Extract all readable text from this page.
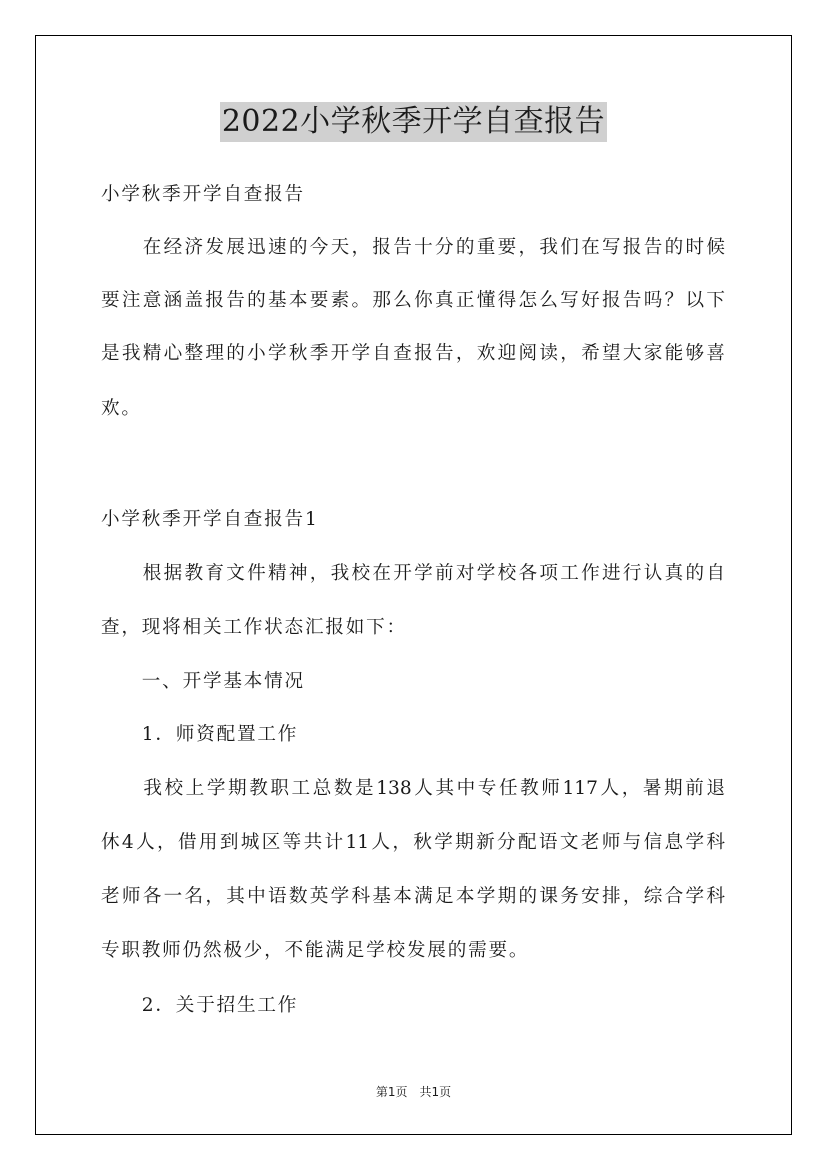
2022小学秋季开学自查报告
小学秋季开学自查报告
　　在经济发展迅速的今天，报告十分的重要，我们在写报告的时候
要注意涵盖报告的基本要素。那么你真正懂得怎么写好报告吗？以下
是我精心整理的小学秋季开学自查报告，欢迎阅读，希望大家能够喜
欢。
小学秋季开学自查报告1
　　根据教育文件精神，我校在开学前对学校各项工作进行认真的自
查，现将相关工作状态汇报如下：
　　一、开学基本情况
　　1．师资配置工作
　　我校上学期教职工总数是138人其中专任教师117人，暑期前退
休4人，借用到城区等共计11人，秋学期新分配语文老师与信息学科
老师各一名，其中语数英学科基本满足本学期的课务安排，综合学科
专职教师仍然极少，不能满足学校发展的需要。
　　2．关于招生工作
第1页　共1页
